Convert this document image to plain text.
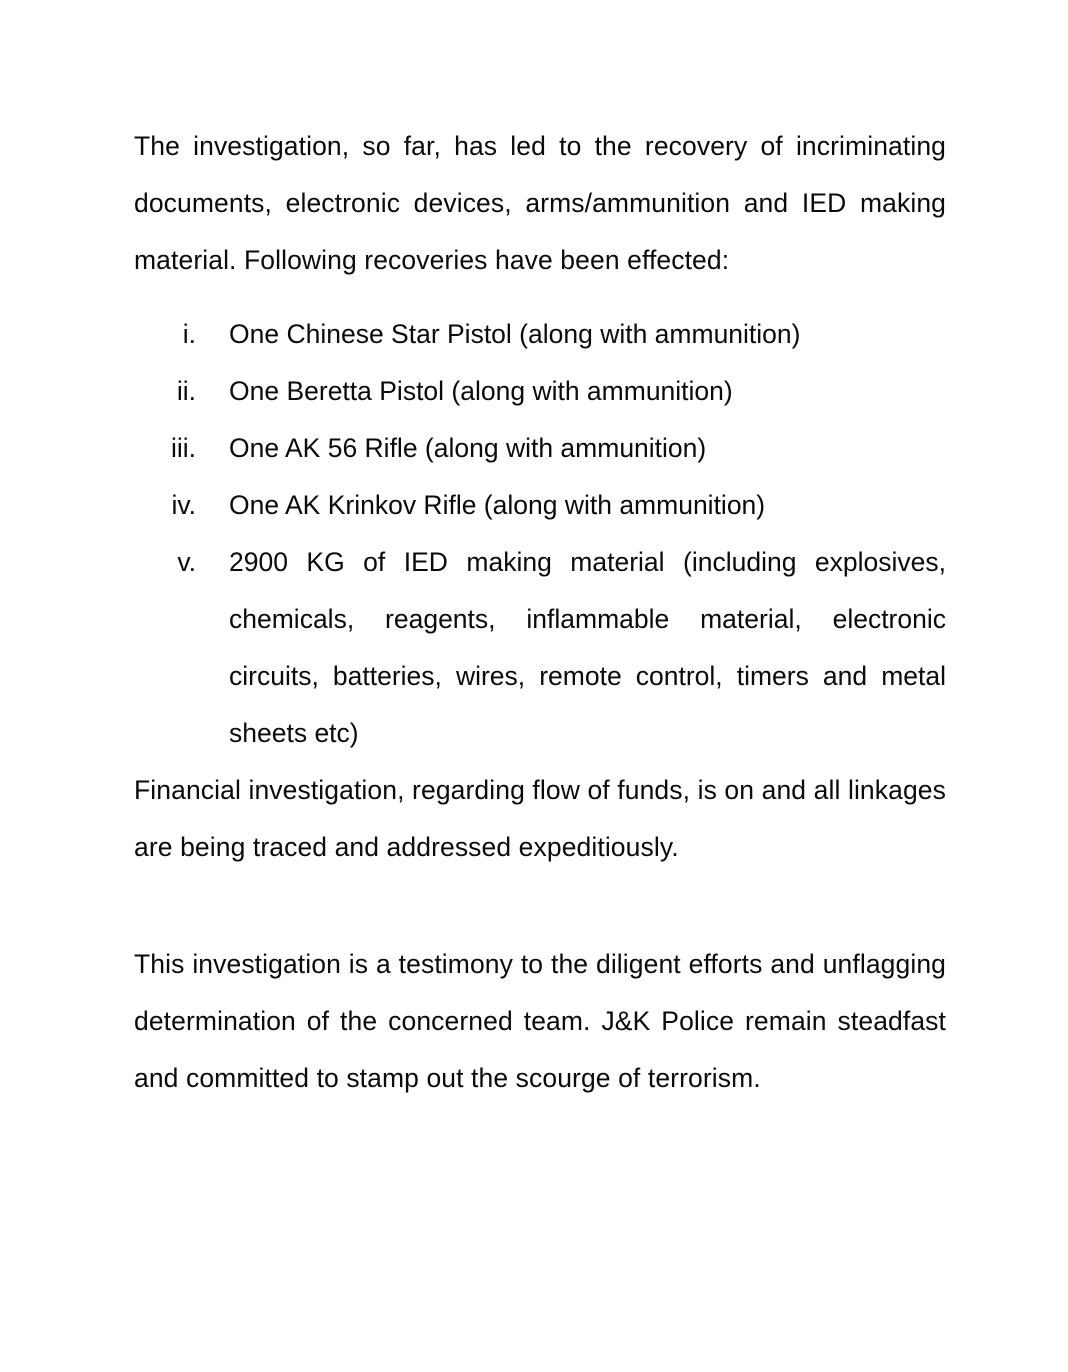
The investigation, so far, has led to the recovery of incriminating documents, electronic devices, arms/ammunition and IED making material. Following recoveries have been effected:

i.	One Chinese Star Pistol (along with ammunition)
ii.	One Beretta Pistol (along with ammunition)
iii.	One AK 56 Rifle (along with ammunition)
iv.	One AK Krinkov Rifle (along with ammunition)
v.	2900 KG of IED making material (including explosives, chemicals, reagents, inflammable material, electronic circuits, batteries, wires, remote control, timers and metal sheets etc)

Financial investigation, regarding flow of funds, is on and all linkages are being traced and addressed expeditiously.

This investigation is a testimony to the diligent efforts and unflagging determination of the concerned team. J&K Police remain steadfast and committed to stamp out the scourge of terrorism.
